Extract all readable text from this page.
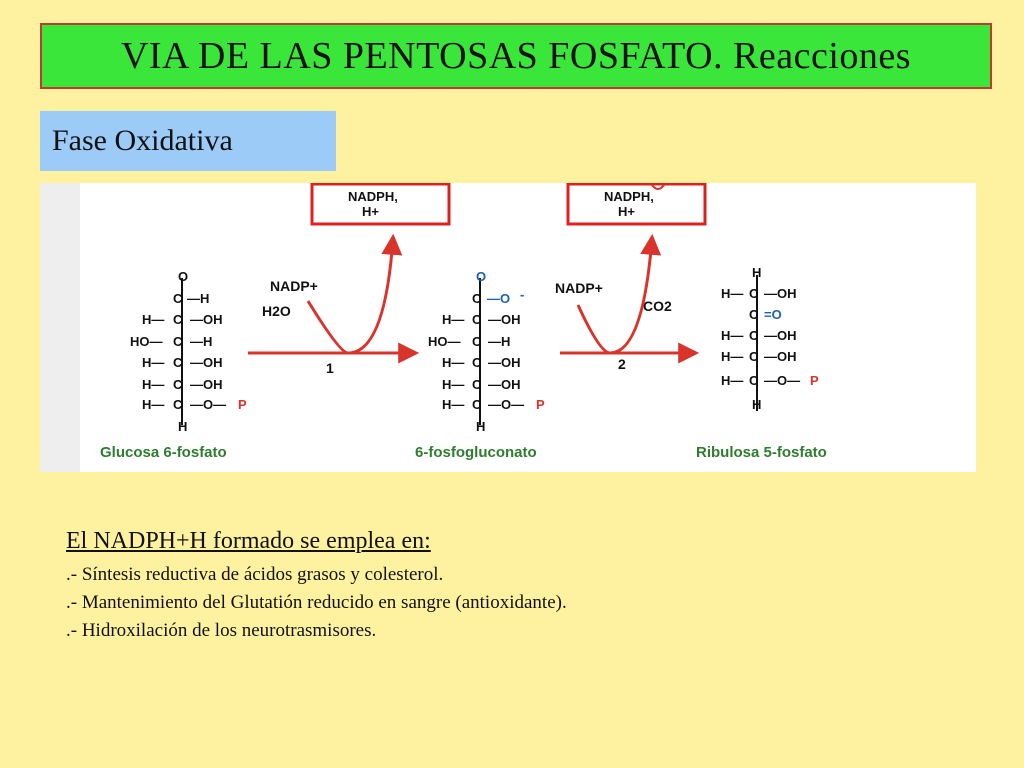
VIA DE LAS PENTOSAS FOSFATO. Reacciones
Fase Oxidativa
O
C —H
H— C —OH
HO— C —H
H— C —OH
H— C —OH
H— C —O— P
H
Glucosa 6-fosfato
NADPH,
H+
NADP+
H2O
1
O
C —O -
H— C —OH
HO— C —H
H— C —OH
H— C —OH
H— C —O— P
H
6-fosfogluconato
NADPH,
H+
NADP+
CO2
2
H
H— C —OH
C =O
H— C —OH
H— C —OH
H— C —O— P
H
Ribulosa 5-fosfato
El NADPH+H formado se emplea en:
.- Síntesis reductiva de ácidos grasos y colesterol.
.- Mantenimiento del Glutatión reducido en sangre (antioxidante).
.- Hidroxilación de los neurotrasmisores.
